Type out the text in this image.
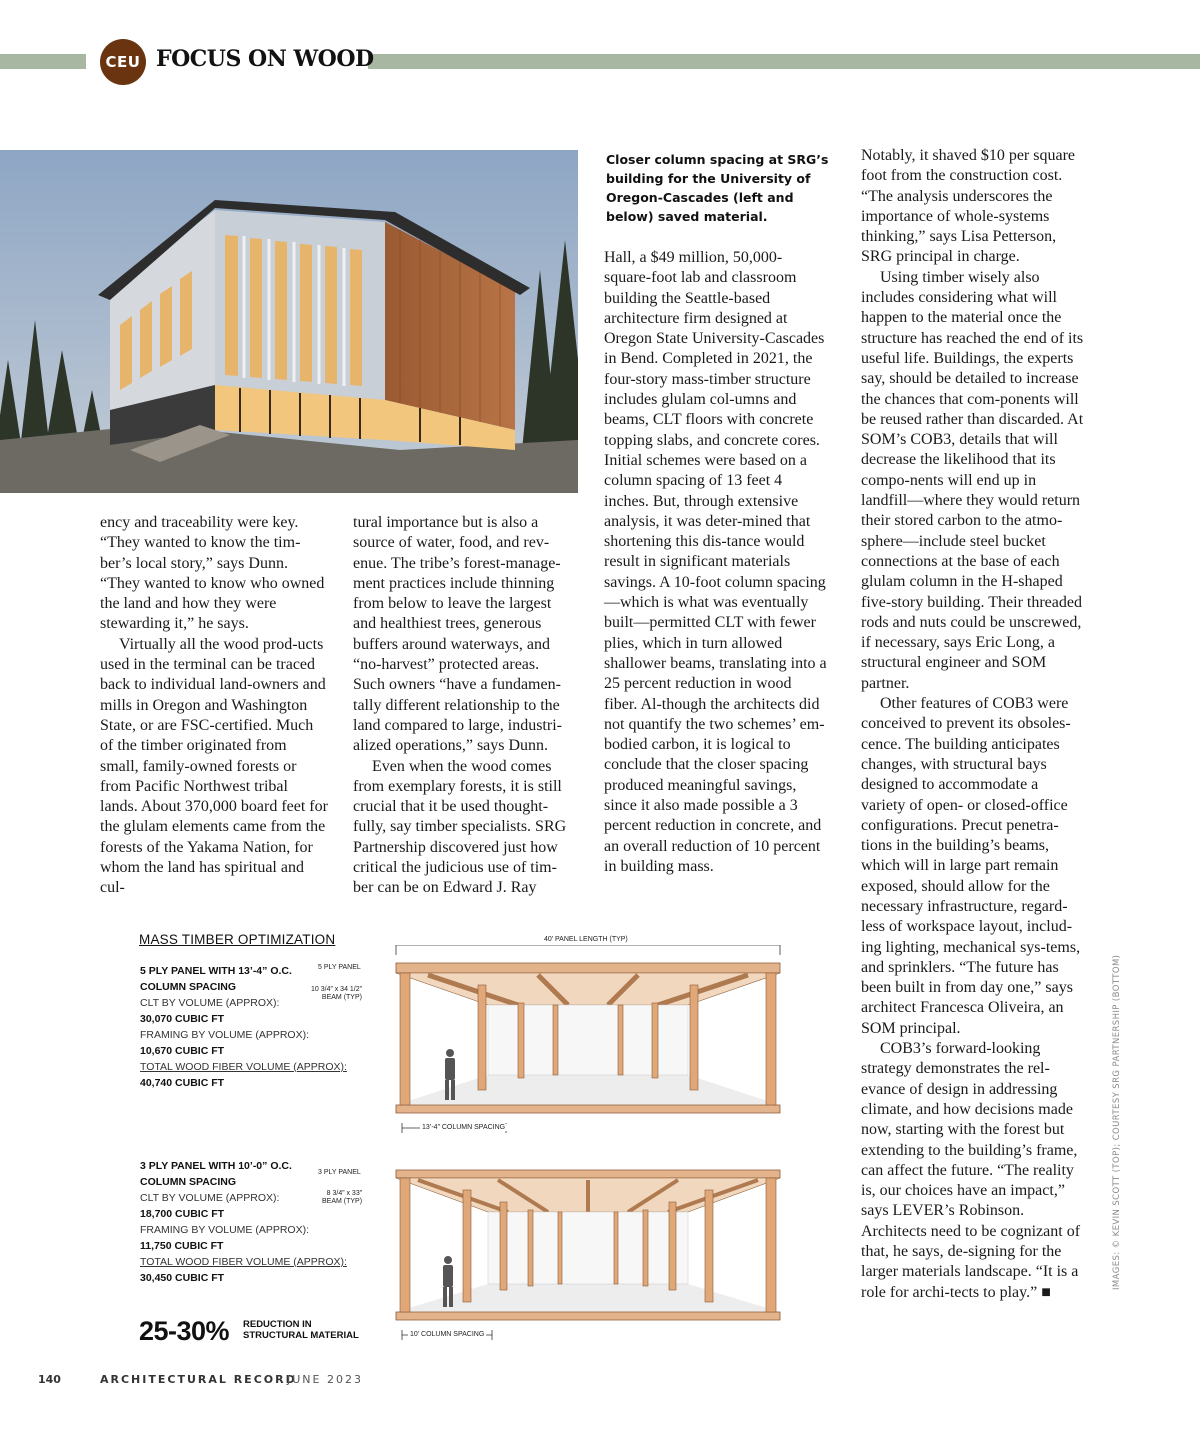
CEU FOCUS ON WOOD
Closer column spacing at SRG’s building for the University of Oregon-Cascades (left and below) saved material.

ency and traceability were key. “They wanted to know the tim-ber’s local story,” says Dunn. “They wanted to know who owned the land and how they were stewarding it,” he says.

Virtually all the wood prod-ucts used in the terminal can be traced back to individual land-owners and mills in Oregon and Washington State, or are FSC-certified. Much of the timber originated from small, family-owned forests or from Pacific Northwest tribal lands. About 370,000 board feet for the glulam elements came from the forests of the Yakama Nation, for whom the land has spiritual and cul-

tural importance but is also a source of water, food, and rev-enue. The tribe’s forest-manage-ment practices include thinning from below to leave the largest and healthiest trees, generous buffers around waterways, and “no-harvest” protected areas. Such owners “have a fundamen-tally different relationship to the land compared to large, industri-alized operations,” says Dunn.

Even when the wood comes from exemplary forests, it is still crucial that it be used thought-fully, say timber specialists. SRG Partnership discovered just how critical the judicious use of tim-ber can be on Edward J. Ray

Hall, a $49 million, 50,000-square-foot lab and classroom building the Seattle-based architecture firm designed at Oregon State University-Cascades in Bend. Completed in 2021, the four-story mass-timber structure includes glulam col-umns and beams, CLT floors with concrete topping slabs, and concrete cores. Initial schemes were based on a column spacing of 13 feet 4 inches. But, through extensive analysis, it was deter-mined that shortening this dis-tance would result in significant materials savings. A 10-foot column spacing—which is what was eventually built—permitted CLT with fewer plies, which in turn allowed shallower beams, translating into a 25 percent reduction in wood fiber. Al-though the architects did not quantify the two schemes’ em-bodied carbon, it is logical to conclude that the closer spacing produced meaningful savings, since it also made possible a 3 percent reduction in concrete, and an overall reduction of 10 percent in building mass.

Notably, it shaved $10 per square foot from the construction cost. “The analysis underscores the importance of whole-systems thinking,” says Lisa Petterson, SRG principal in charge.

Using timber wisely also includes considering what will happen to the material once the structure has reached the end of its useful life. Buildings, the experts say, should be detailed to increase the chances that com-ponents will be reused rather than discarded. At SOM’s COB3, details that will decrease the likelihood that its compo-nents will end up in landfill—where they would return their stored carbon to the atmo-sphere—include steel bucket connections at the base of each glulam column in the H-shaped five-story building. Their threaded rods and nuts could be unscrewed, if necessary, says Eric Long, a structural engineer and SOM partner.

Other features of COB3 were conceived to prevent its obsoles-cence. The building anticipates changes, with structural bays designed to accommodate a variety of open- or closed-office configurations. Precut penetra-tions in the building’s beams, which will in large part remain exposed, should allow for the necessary infrastructure, regard-less of workspace layout, includ-ing lighting, mechanical sys-tems, and sprinklers. “The future has been built in from day one,” says architect Francesca Oliveira, an SOM principal.

COB3’s forward-looking strategy demonstrates the rel-evance of design in addressing climate, and how decisions made now, starting with the forest but extending to the building’s frame, can affect the future. “The reality is, our choices have an impact,” says LEVER’s Robinson. Architects need to be cognizant of that, he says, de-signing for the larger materials landscape. “It is a role for archi-tects to play.” ■

MASS TIMBER OPTIMIZATION
5 PLY PANEL WITH 13’-4” O.C.
COLUMN SPACING
CLT BY VOLUME (APPROX):
30,070 CUBIC FT
FRAMING BY VOLUME (APPROX):
10,670 CUBIC FT
TOTAL WOOD FIBER VOLUME (APPROX):
40,740 CUBIC FT
3 PLY PANEL WITH 10’-0” O.C.
COLUMN SPACING
CLT BY VOLUME (APPROX):
18,700 CUBIC FT
FRAMING BY VOLUME (APPROX):
11,750 CUBIC FT
TOTAL WOOD FIBER VOLUME (APPROX):
30,450 CUBIC FT
25-30% REDUCTION IN
STRUCTURAL MATERIAL
40’ PANEL LENGTH (TYP)
5 PLY PANEL
10 3/4” x 34 1/2”
BEAM (TYP)
13’-4” COLUMN SPACING
3 PLY PANEL
8 3/4” x 33”
BEAM (TYP)
10’ COLUMN SPACING
IMAGES: © KEVIN SCOTT (TOP); COURTESY SRG PARTNERSHIP (BOTTOM)
140	ARCHITECTURAL RECORD
JUNE 2023
